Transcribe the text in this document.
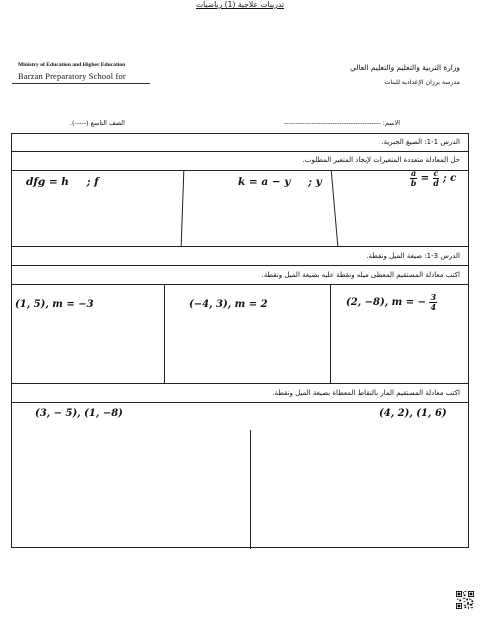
Ministry of Education and Higher Education
Barzan Preparatory School for
وزارة التربية والتعليم والتعليم العالي
مدرسة برزان الإعدادية للبنات
تدريبات علاجية (1) رياضيات
الاسم: ------------------------------------------
الصف التاسع (-----).
الدرس 1-1: الصيغ الجبرية.
حل المعادلة متعددة المتغيرات لإيجاد المتغير المطلوب.
dfg = h ; f	k = a − y ; y	$\frac{a}{b} = \frac{c}{d}$ ; c
الدرس 3-1: صيغة الميل ونقطة.
اكتب معادلة المستقيم المعطى ميله ونقطة عليه بصيغة الميل ونقطة.
(1, 5), m = −3	(−4, 3), m = 2	(2, −8), m = − $\frac{3}{4}$
اكتب معادلة المستقيم المار بالنقاط المعطاة بصيغة الميل ونقطة.
(3, − 5), (1, −8)	(4, 2), (1, 6)
